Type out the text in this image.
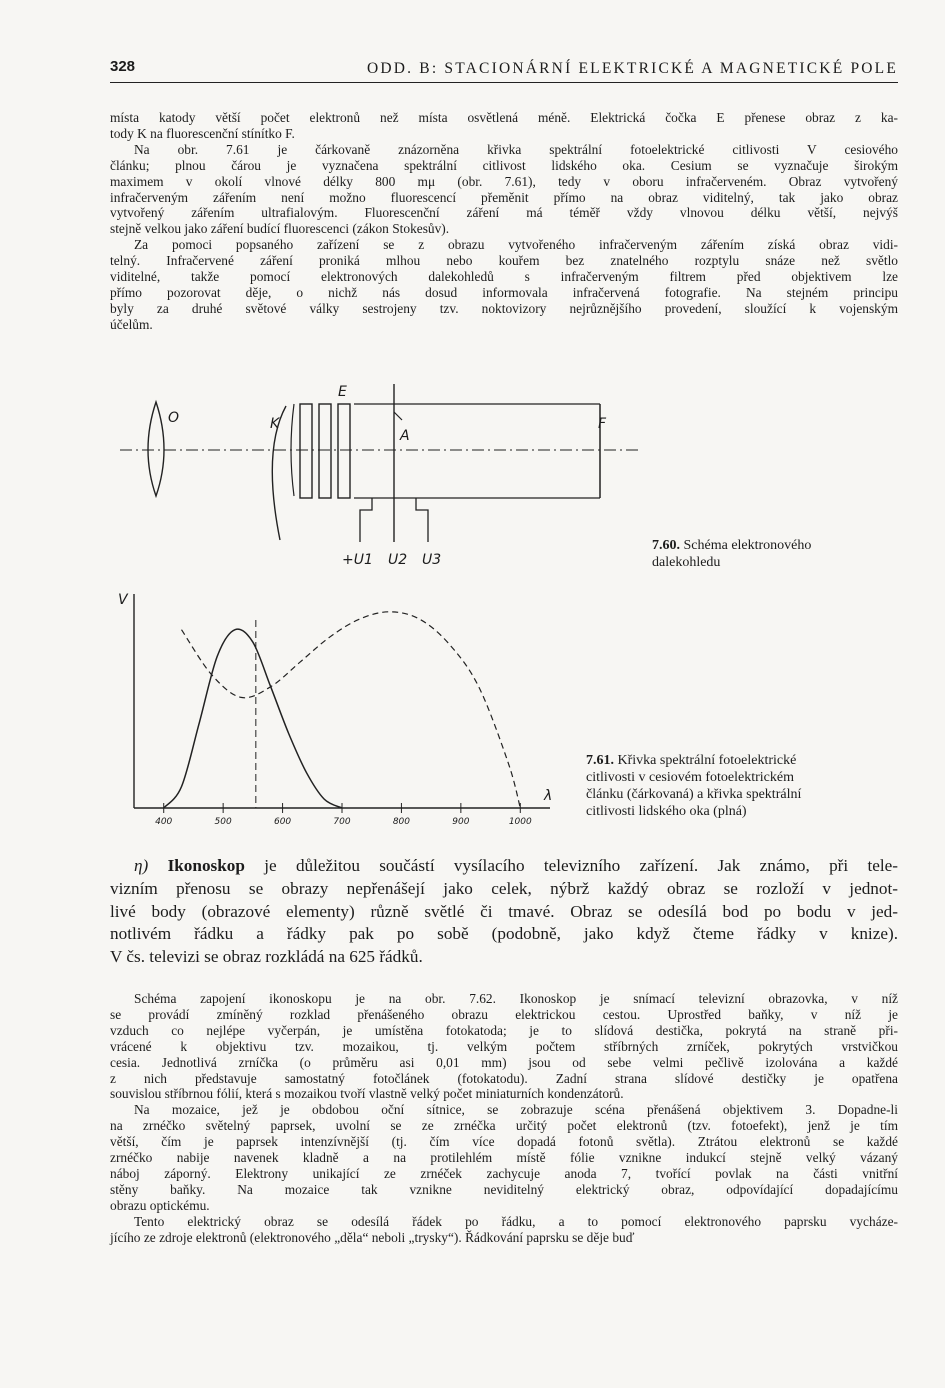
328	ODD. B: STACIONÁRNÍ ELEKTRICKÉ A MAGNETICKÉ POLE

místa katody větší počet elektronů než místa osvětlená méně. Elektrická čočka E přenese obraz z ka-

tody K na fluorescenční stínítko F.

Na obr. 7.61 je čárkovaně znázorněna křivka spektrální fotoelektrické citlivosti V cesiového

článku; plnou čárou je vyznačena spektrální citlivost lidského oka. Cesium se vyznačuje širokým

maximem v okolí vlnové délky 800 mμ (obr. 7.61), tedy v oboru infračerveném. Obraz vytvořený

infračerveným zářením není možno fluorescencí přeměnit přímo na obraz viditelný, tak jako obraz

vytvořený zářením ultrafialovým. Fluorescenční záření má téměř vždy vlnovou délku větší, nejvýš

stejně velkou jako záření budící fluorescenci (zákon Stokesův).

Za pomoci popsaného zařízení se z obrazu vytvořeného infračerveným zářením získá obraz vidi-

telný. Infračervené záření proniká mlhou nebo kouřem bez znatelného rozptylu snáze než světlo

viditelné, takže pomocí elektronových dalekohledů s infračerveným filtrem před objektivem lze

přímo pozorovat děje, o nichž nás dosud informovala infračervená fotografie. Na stejném principu

byly za druhé světové války sestrojeny tzv. noktovizory nejrůznějšího provedení, sloužící k vojenským

účelům.

O	K
E
F
A
+U1 U2 U3
7.60. Schéma elektronového
dalekohledu
V
λ
400	500	600	700	800	900	1000
7.61. Křivka spektrální fotoelektrické
citlivosti v cesiovém fotoelektrickém
článku (čárkovaná) a křivka spektrální
citlivosti lidského oka (plná)

η) Ikonoskop je důležitou součástí vysílacího televizního zařízení. Jak známo, při tele-

vizním přenosu se obrazy nepřenášejí jako celek, nýbrž každý obraz se rozloží v jednot-

livé body (obrazové elementy) různě světlé či tmavé. Obraz se odesílá bod po bodu v jed-

notlivém řádku a řádky pak po sobě (podobně, jako když čteme řádky v knize).

V čs. televizi se obraz rozkládá na 625 řádků.

Schéma zapojení ikonoskopu je na obr. 7.62. Ikonoskop je snímací televizní obrazovka, v níž

se provádí zmíněný rozklad přenášeného obrazu elektrickou cestou. Uprostřed baňky, v níž je

vzduch co nejlépe vyčerpán, je umístěna fotokatoda; je to slídová destička, pokrytá na straně při-

vrácené k objektivu tzv. mozaikou, tj. velkým počtem stříbrných zrníček, pokrytých vrstvičkou

cesia. Jednotlivá zrníčka (o průměru asi 0,01 mm) jsou od sebe velmi pečlivě izolována a každé

z nich představuje samostatný fotočlánek (fotokatodu). Zadní strana slídové destičky je opatřena

souvislou stříbrnou fólií, která s mozaikou tvoří vlastně velký počet miniaturních kondenzátorů.

Na mozaice, jež je obdobou oční sítnice, se zobrazuje scéna přenášená objektivem 3. Dopadne-li

na zrnéčko světelný paprsek, uvolní se ze zrnéčka určitý počet elektronů (tzv. fotoefekt), jenž je tím

větší, čím je paprsek intenzívnější (tj. čím více dopadá fotonů světla). Ztrátou elektronů se každé

zrnéčko nabije navenek kladně a na protilehlém místě fólie vznikne indukcí stejně velký vázaný

náboj záporný. Elektrony unikající ze zrnéček zachycuje anoda 7, tvořící povlak na části vnitřní

stěny baňky. Na mozaice tak vznikne neviditelný elektrický obraz, odpovídající dopadajícímu

obrazu optickému.

Tento elektrický obraz se odesílá řádek po řádku, a to pomocí elektronového paprsku vycháze-

jícího ze zdroje elektronů (elektronového „děla“ neboli „trysky“). Řádkování paprsku se děje buď
